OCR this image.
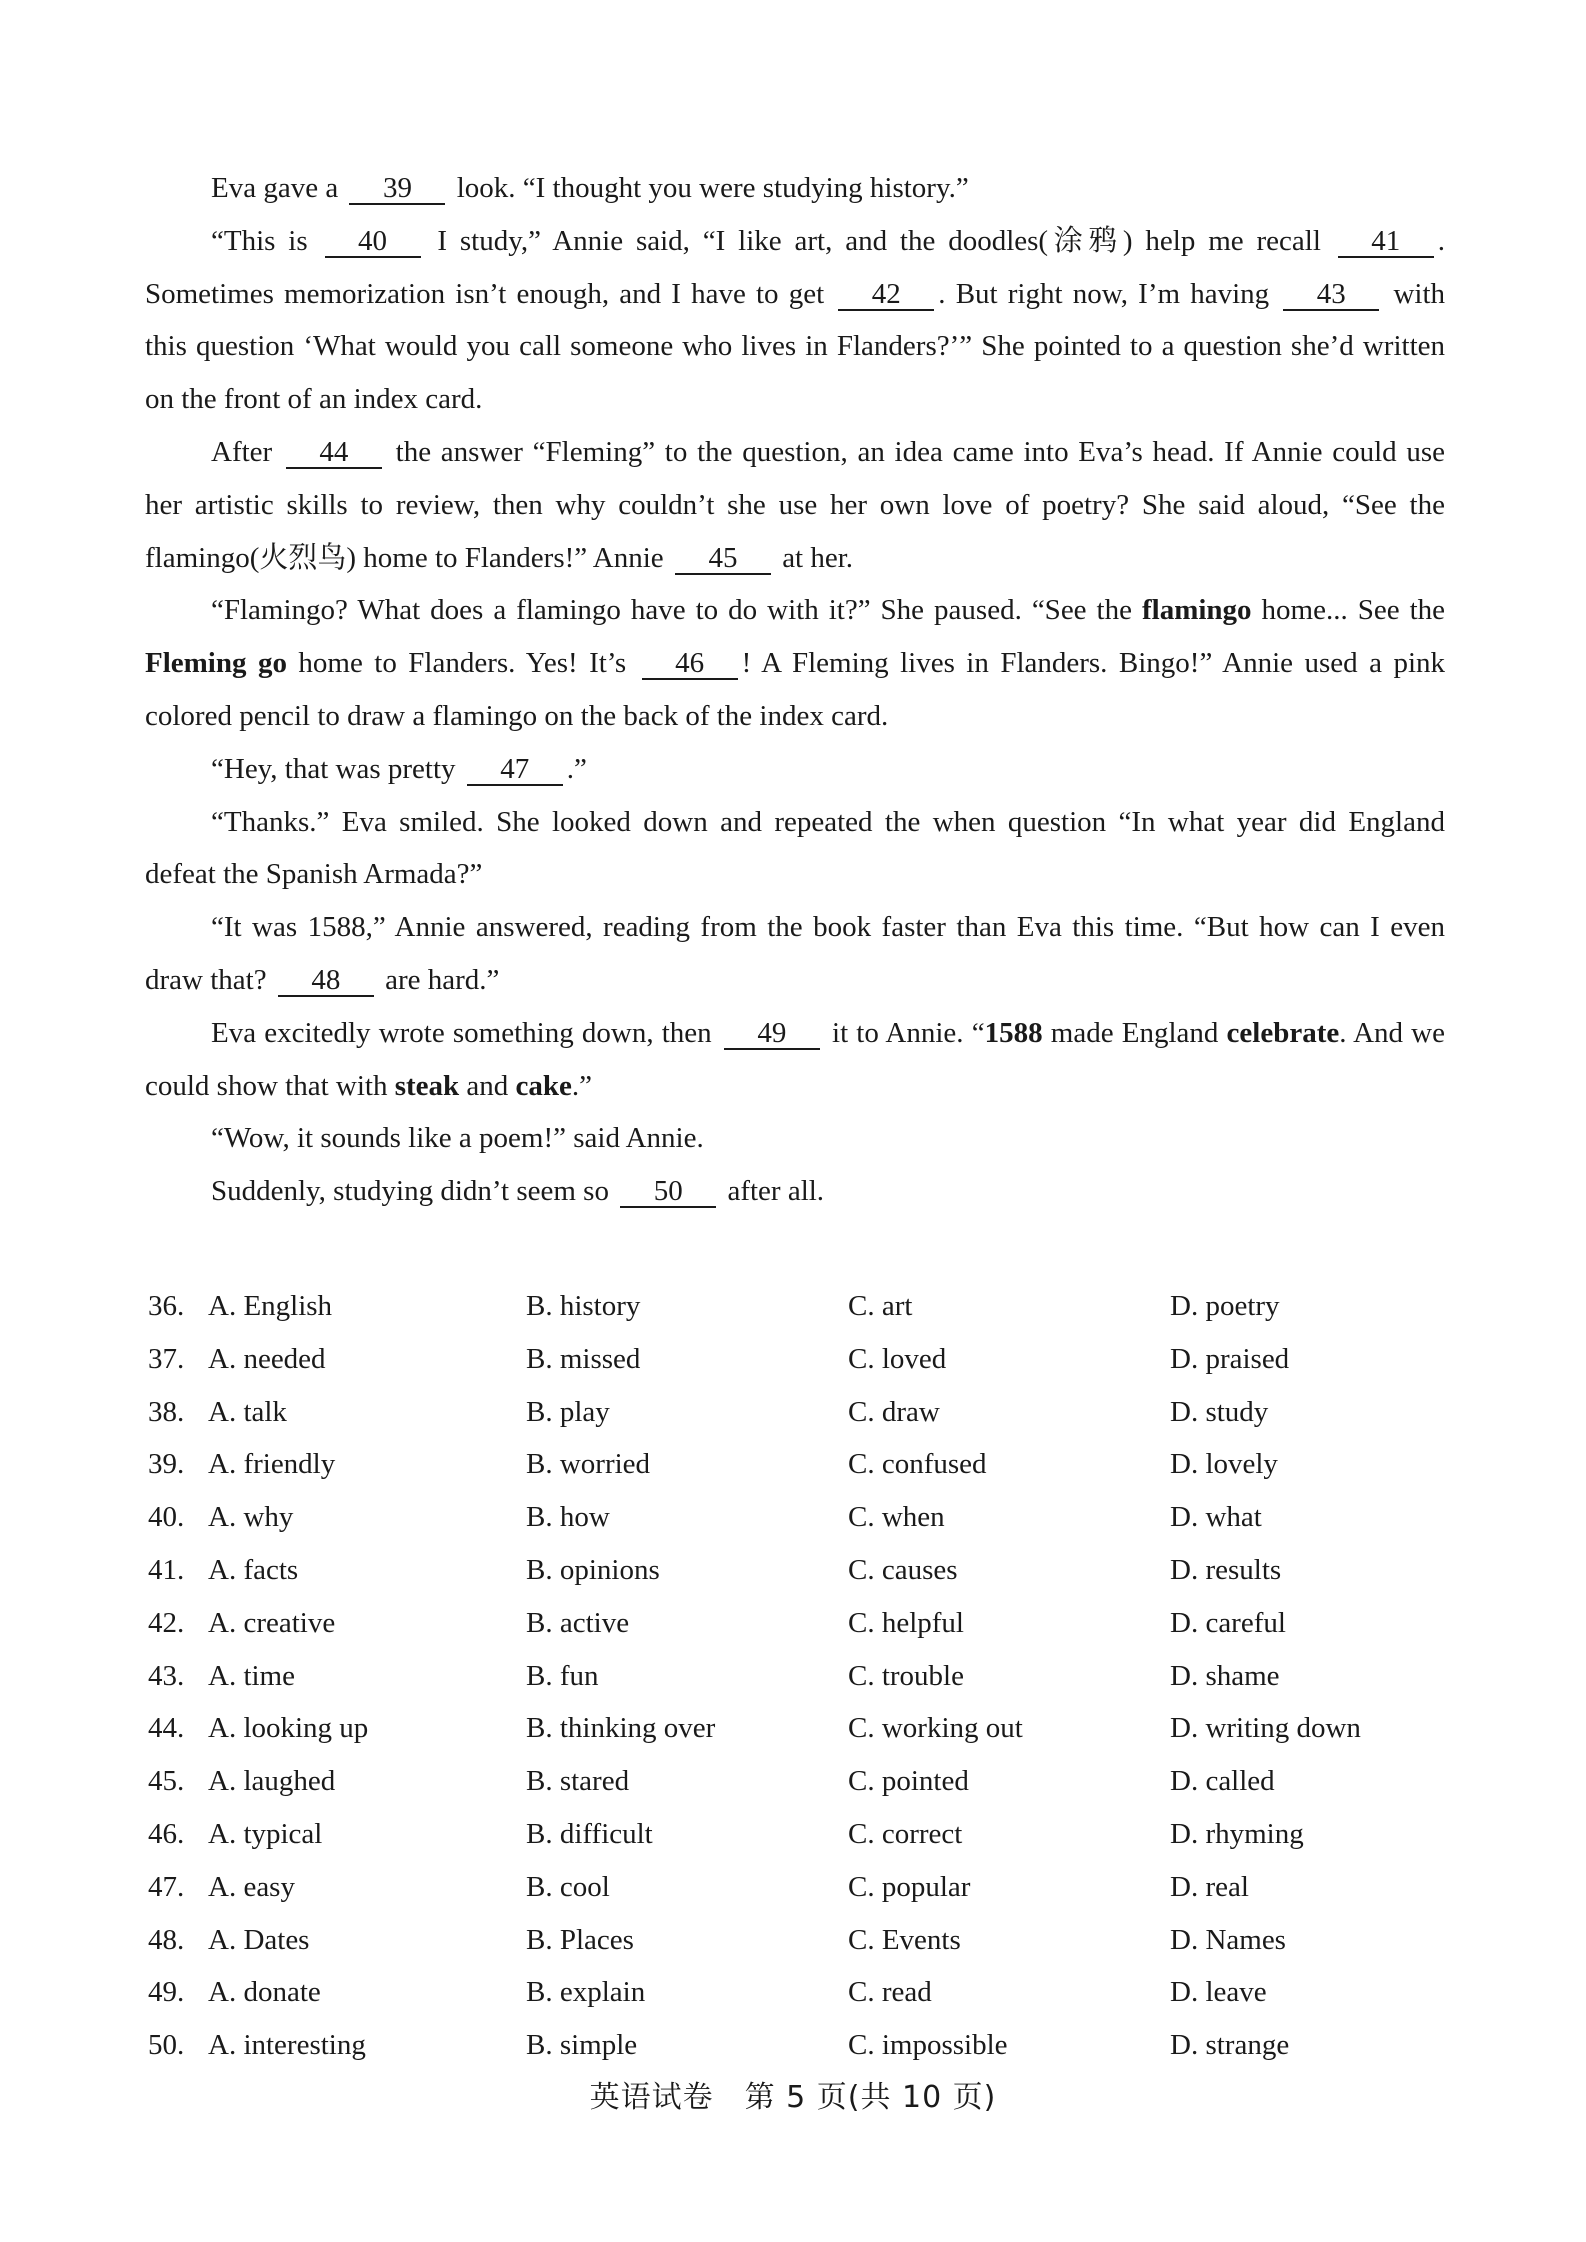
Eva gave a 39 look. “I thought you were studying history.”

“This is 40 I study,” Annie said, “I like art, and the doodles(涂鸦) help me recall 41 . Sometimes memorization isn’t enough, and I have to get 42 . But right now, I’m having 43 with this question ‘What would you call someone who lives in Flanders?’” She pointed to a question she’d written on the front of an index card.

After 44 the answer “Fleming” to the question, an idea came into Eva’s head. If Annie could use her artistic skills to review, then why couldn’t she use her own love of poetry? She said aloud, “See the flamingo(火烈鸟) home to Flanders!” Annie 45 at her.

“Flamingo? What does a flamingo have to do with it?” She paused. “See the flamingo home... See the Fleming go home to Flanders. Yes! It’s 46 ! A Fleming lives in Flanders. Bingo!” Annie used a pink colored pencil to draw a flamingo on the back of the index card.

“Hey, that was pretty 47 .”

“Thanks.” Eva smiled. She looked down and repeated the when question “In what year did England defeat the Spanish Armada?”

“It was 1588,” Annie answered, reading from the book faster than Eva this time. “But how can I even draw that? 48 are hard.”

Eva excitedly wrote something down, then 49 it to Annie. “1588 made England celebrate. And we could show that with steak and cake.”

“Wow, it sounds like a poem!” said Annie.

Suddenly, studying didn’t seem so 50 after all.

36. A. English	B. history	C. art	D. poetry
37. A. needed	B. missed	C. loved	D. praised
38. A. talk	B. play	C. draw	D. study
39. A. friendly	B. worried	C. confused	D. lovely
40. A. why	B. how	C. when	D. what
41. A. facts	B. opinions	C. causes	D. results
42. A. creative	B. active	C. helpful	D. careful
43. A. time	B. fun	C. trouble	D. shame
44. A. looking up	B. thinking over	C. working out	D. writing down
45. A. laughed	B. stared	C. pointed	D. called
46. A. typical	B. difficult	C. correct	D. rhyming
47. A. easy	B. cool	C. popular	D. real
48. A. Dates	B. Places	C. Events	D. Names
49. A. donate	B. explain	C. read	D. leave
50. A. interesting	B. simple	C. impossible	D. strange
英语试卷　第 5 页(共 10 页)
